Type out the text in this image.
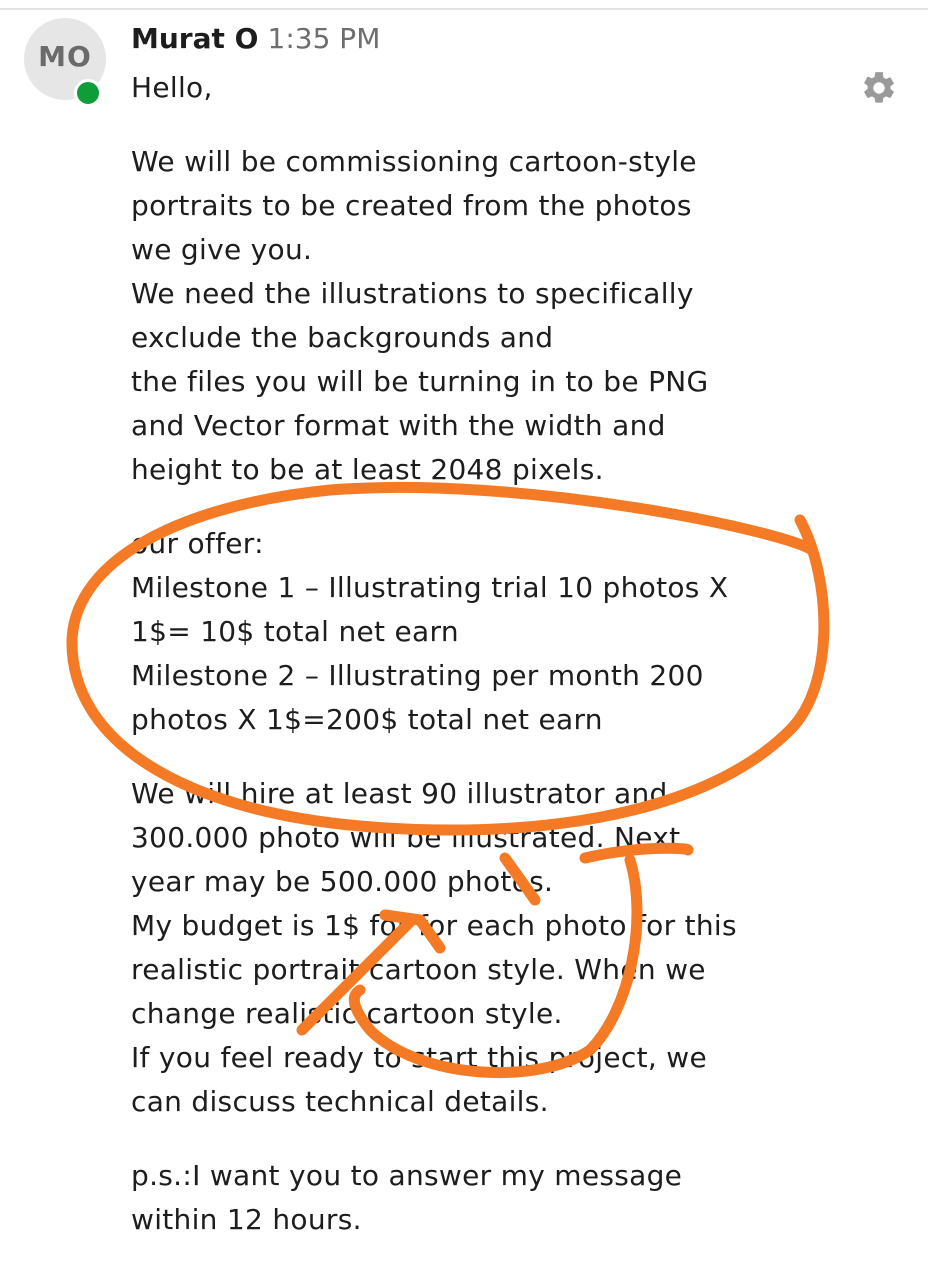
MO
Murat O 1:35 PM
Hello,
We will be commissioning cartoon-style
portraits to be created from the photos
we give you.
We need the illustrations to specifically
exclude the backgrounds and
the files you will be turning in to be PNG
and Vector format with the width and
height to be at least 2048 pixels.
our offer:
Milestone 1 – Illustrating trial 10 photos X
1$= 10$ total net earn
Milestone 2 – Illustrating per month 200
photos X 1$=200$ total net earn
We will hire at least 90 illustrator and
300.000 photo will be illustrated. Next
year may be 500.000 photos.
My budget is 1$ for for each photo for this
realistic portrait cartoon style. When we
change realistic cartoon style.
If you feel ready to start this project, we
can discuss technical details.
p.s.:I want you to answer my message
within 12 hours.
